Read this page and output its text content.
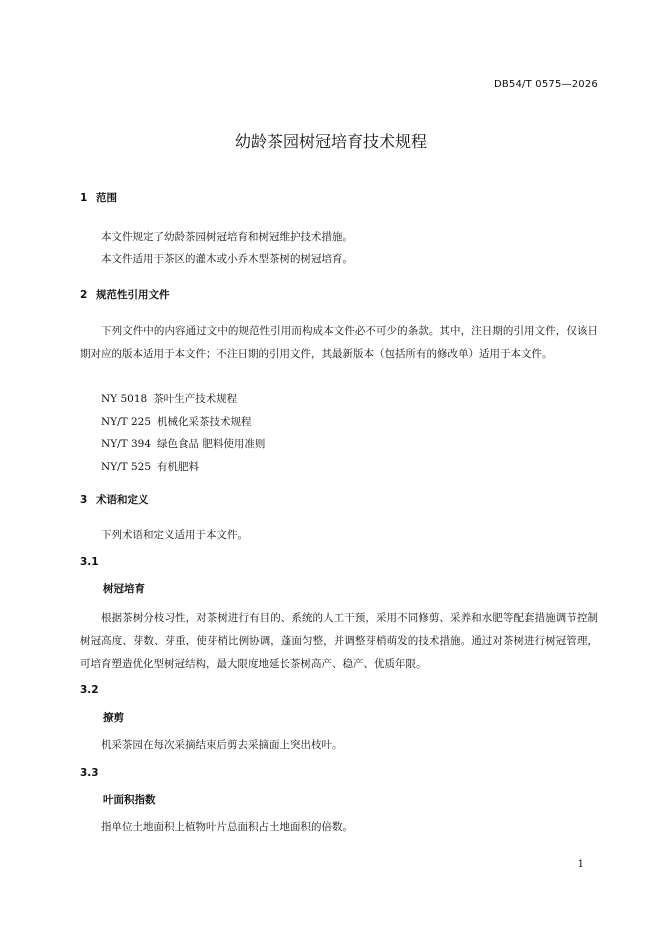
DB54/T 0575—2026
幼龄茶园树冠培育技术规程
1 范围
本文件规定了幼龄茶园树冠培育和树冠维护技术措施。
本文件适用于茶区的灌木或小乔木型茶树的树冠培育。
2 规范性引用文件
下列文件中的内容通过文中的规范性引用而构成本文件必不可少的条款。其中，注日期的引用文件，仅该日期对应的版本适用于本文件；不注日期的引用文件，其最新版本（包括所有的修改单）适用于本文件。
NY 5018 茶叶生产技术规程
NY/T 225 机械化采茶技术规程
NY/T 394 绿色食品 肥料使用准则
NY/T 525 有机肥料
3 术语和定义
下列术语和定义适用于本文件。
3.1
树冠培育
根据茶树分枝习性，对茶树进行有目的、系统的人工干预，采用不同修剪、采养和水肥等配套措施调节控制树冠高度、芽数、芽重，使芽梢比例协调，蓬面匀整，并调整芽梢萌发的技术措施。通过对茶树进行树冠管理，可培育塑造优化型树冠结构，最大限度地延长茶树高产、稳产、优质年限。
3.2
撩剪
机采茶园在每次采摘结束后剪去采摘面上突出枝叶。
3.3
叶面积指数
指单位土地面积上植物叶片总面积占土地面积的倍数。
1
